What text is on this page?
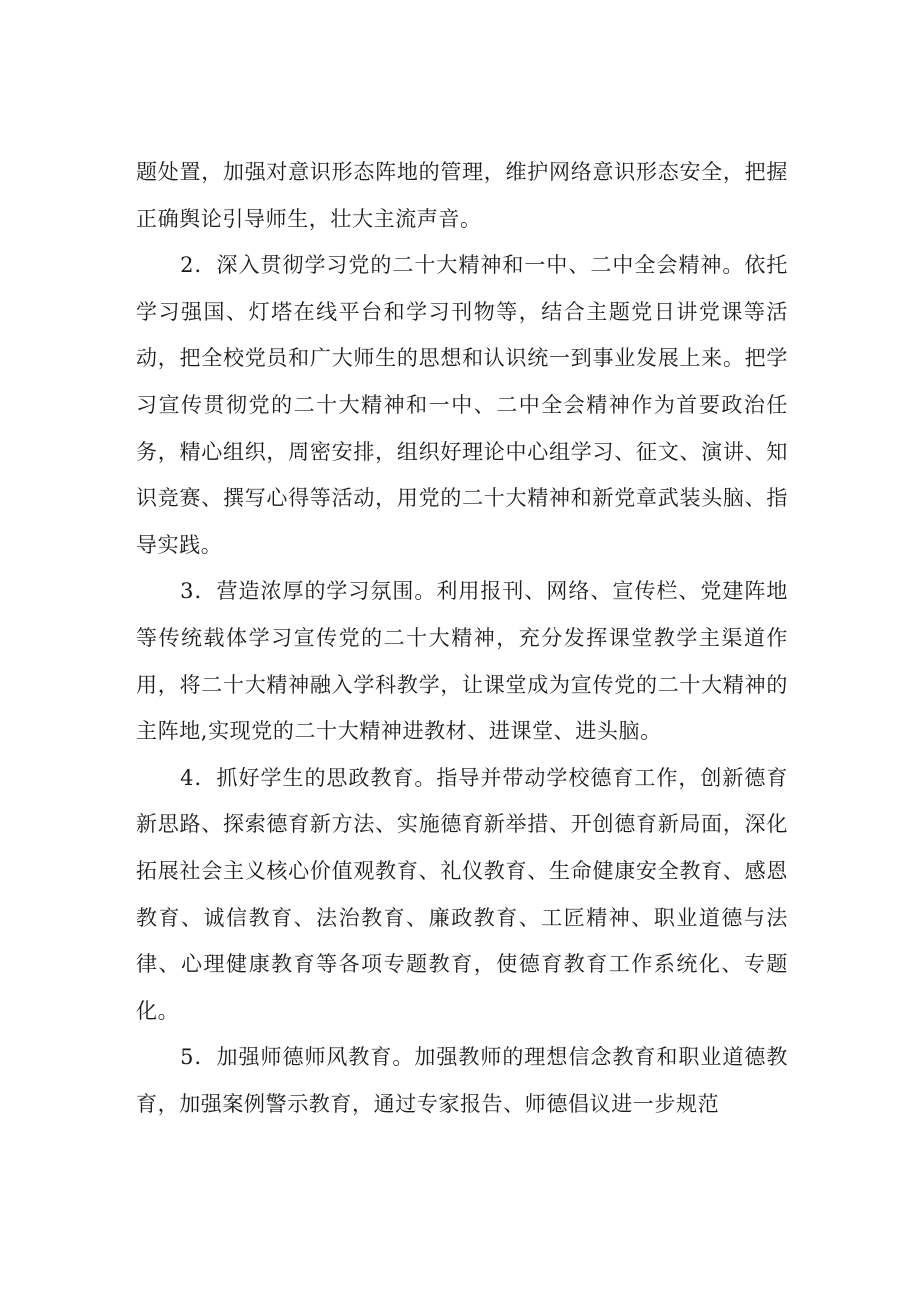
题处置，加强对意识形态阵地的管理，维护网络意识形态安全，把握正确舆论引导师生，壮大主流声音。

2．深入贯彻学习党的二十大精神和一中、二中全会精神。依托学习强国、灯塔在线平台和学习刊物等，结合主题党日讲党课等活动，把全校党员和广大师生的思想和认识统一到事业发展上来。把学习宣传贯彻党的二十大精神和一中、二中全会精神作为首要政治任务，精心组织，周密安排，组织好理论中心组学习、征文、演讲、知识竞赛、撰写心得等活动，用党的二十大精神和新党章武装头脑、指导实践。

3．营造浓厚的学习氛围。利用报刊、网络、宣传栏、党建阵地等传统载体学习宣传党的二十大精神，充分发挥课堂教学主渠道作用，将二十大精神融入学科教学，让课堂成为宣传党的二十大精神的主阵地,实现党的二十大精神进教材、进课堂、进头脑。

4．抓好学生的思政教育。指导并带动学校德育工作，创新德育新思路、探索德育新方法、实施德育新举措、开创德育新局面，深化拓展社会主义核心价值观教育、礼仪教育、生命健康安全教育、感恩教育、诚信教育、法治教育、廉政教育、工匠精神、职业道德与法律、心理健康教育等各项专题教育，使德育教育工作系统化、专题化。

5．加强师德师风教育。加强教师的理想信念教育和职业道德教育，加强案例警示教育，通过专家报告、师德倡议进一步规范
